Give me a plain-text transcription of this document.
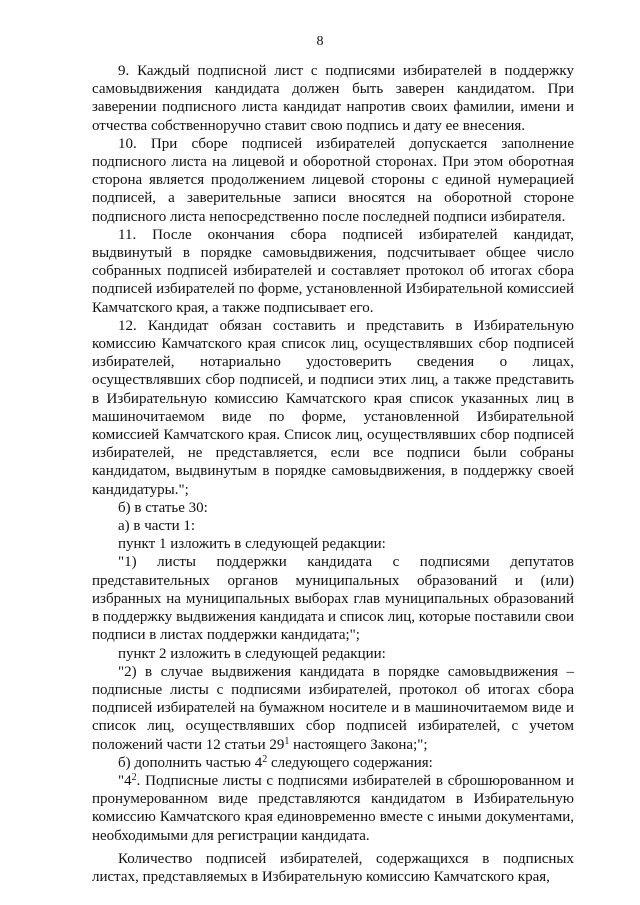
8

9. Каждый подписной лист с подписями избирателей в поддержку самовыдвижения кандидата должен быть заверен кандидатом. При заверении подписного листа кандидат напротив своих фамилии, имени и отчества собственноручно ставит свою подпись и дату ее внесения.

10. При сборе подписей избирателей допускается заполнение подписного листа на лицевой и оборотной сторонах. При этом оборотная сторона является продолжением лицевой стороны с единой нумерацией подписей, а заверительные записи вносятся на оборотной стороне подписного листа непосредственно после последней подписи избирателя.

11. После окончания сбора подписей избирателей кандидат, выдвинутый в порядке самовыдвижения, подсчитывает общее число собранных подписей избирателей и составляет протокол об итогах сбора подписей избирателей по форме, установленной Избирательной комиссией Камчатского края, а также подписывает его.

12. Кандидат обязан составить и представить в Избирательную комиссию Камчатского края список лиц, осуществлявших сбор подписей избирателей, нотариально удостоверить сведения о лицах, осуществлявших сбор подписей, и подписи этих лиц, а также представить в Избирательную комиссию Камчатского края список указанных лиц в машиночитаемом виде по форме, установленной Избирательной комиссией Камчатского края. Список лиц, осуществлявших сбор подписей избирателей, не представляется, если все подписи были собраны кандидатом, выдвинутым в порядке самовыдвижения, в поддержку своей кандидатуры.";

б) в статье 30:

а) в части 1:

пункт 1 изложить в следующей редакции:

"1) листы поддержки кандидата с подписями депутатов представительных органов муниципальных образований и (или) избранных на муниципальных выборах глав муниципальных образований в поддержку выдвижения кандидата и список лиц, которые поставили свои подписи в листах поддержки кандидата;";

пункт 2 изложить в следующей редакции:

"2) в случае выдвижения кандидата в порядке самовыдвижения – подписные листы с подписями избирателей, протокол об итогах сбора подписей избирателей на бумажном носителе и в машиночитаемом виде и список лиц, осуществлявших сбор подписей избирателей, с учетом положений части 12 статьи $29^1$ настоящего Закона;";

б) дополнить частью $4^2$ следующего содержания:

"$4^2$. Подписные листы с подписями избирателей в сброшюрованном и пронумерованном виде представляются кандидатом в Избирательную комиссию Камчатского края единовременно вместе с иными документами, необходимыми для регистрации кандидата.

Количество подписей избирателей, содержащихся в подписных листах, представляемых в Избирательную комиссию Камчатского края,
